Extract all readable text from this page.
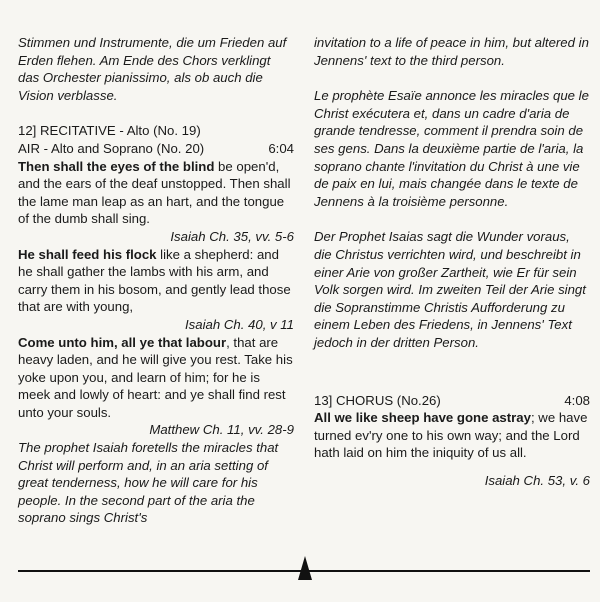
Stimmen und Instrumente, die um Frieden auf Erden flehen. Am Ende des Chors verklingt das Orchester pianissimo, als ob auch die Vision verblasse.

12] RECITATIVE - Alto (No. 19)
AIR - Alto and Soprano (No. 20)	6:04

Then shall the eyes of the blind be open'd, and the ears of the deaf unstopped. Then shall the lame man leap as an hart, and the tongue of the dumb shall sing.

Isaiah Ch. 35, vv. 5-6

He shall feed his flock like a shepherd: and he shall gather the lambs with his arm, and carry them in his bosom, and gently lead those that are with young,

Isaiah Ch. 40, v 11

Come unto him, all ye that labour, that are heavy laden, and he will give you rest. Take his yoke upon you, and learn of him; for he is meek and lowly of heart: and ye shall find rest unto your souls.

Matthew Ch. 11, vv. 28-9

The prophet Isaiah foretells the miracles that Christ will perform and, in an aria setting of great tenderness, how he will care for his people. In the second part of the aria the soprano sings Christ's

invitation to a life of peace in him, but altered in Jennens' text to the third person.

Le prophète Esaïe annonce les miracles que le Christ exécutera et, dans un cadre d'aria de grande tendresse, comment il prendra soin de ses gens. Dans la deuxième partie de l'aria, la soprano chante l'invitation du Christ à une vie de paix en lui, mais changée dans le texte de Jennens à la troisième personne.

Der Prophet Isaias sagt die Wunder voraus, die Christus verrichten wird, und beschreibt in einer Arie von großer Zartheit, wie Er für sein Volk sorgen wird. Im zweiten Teil der Arie singt die Sopranstimme Christis Aufforderung zu einem Leben des Friedens, in Jennens' Text jedoch in der dritten Person.

13] CHORUS (No.26)	4:08

All we like sheep have gone astray; we have turned ev'ry one to his own way; and the Lord hath laid on him the iniquity of us all.

Isaiah Ch. 53, v. 6
